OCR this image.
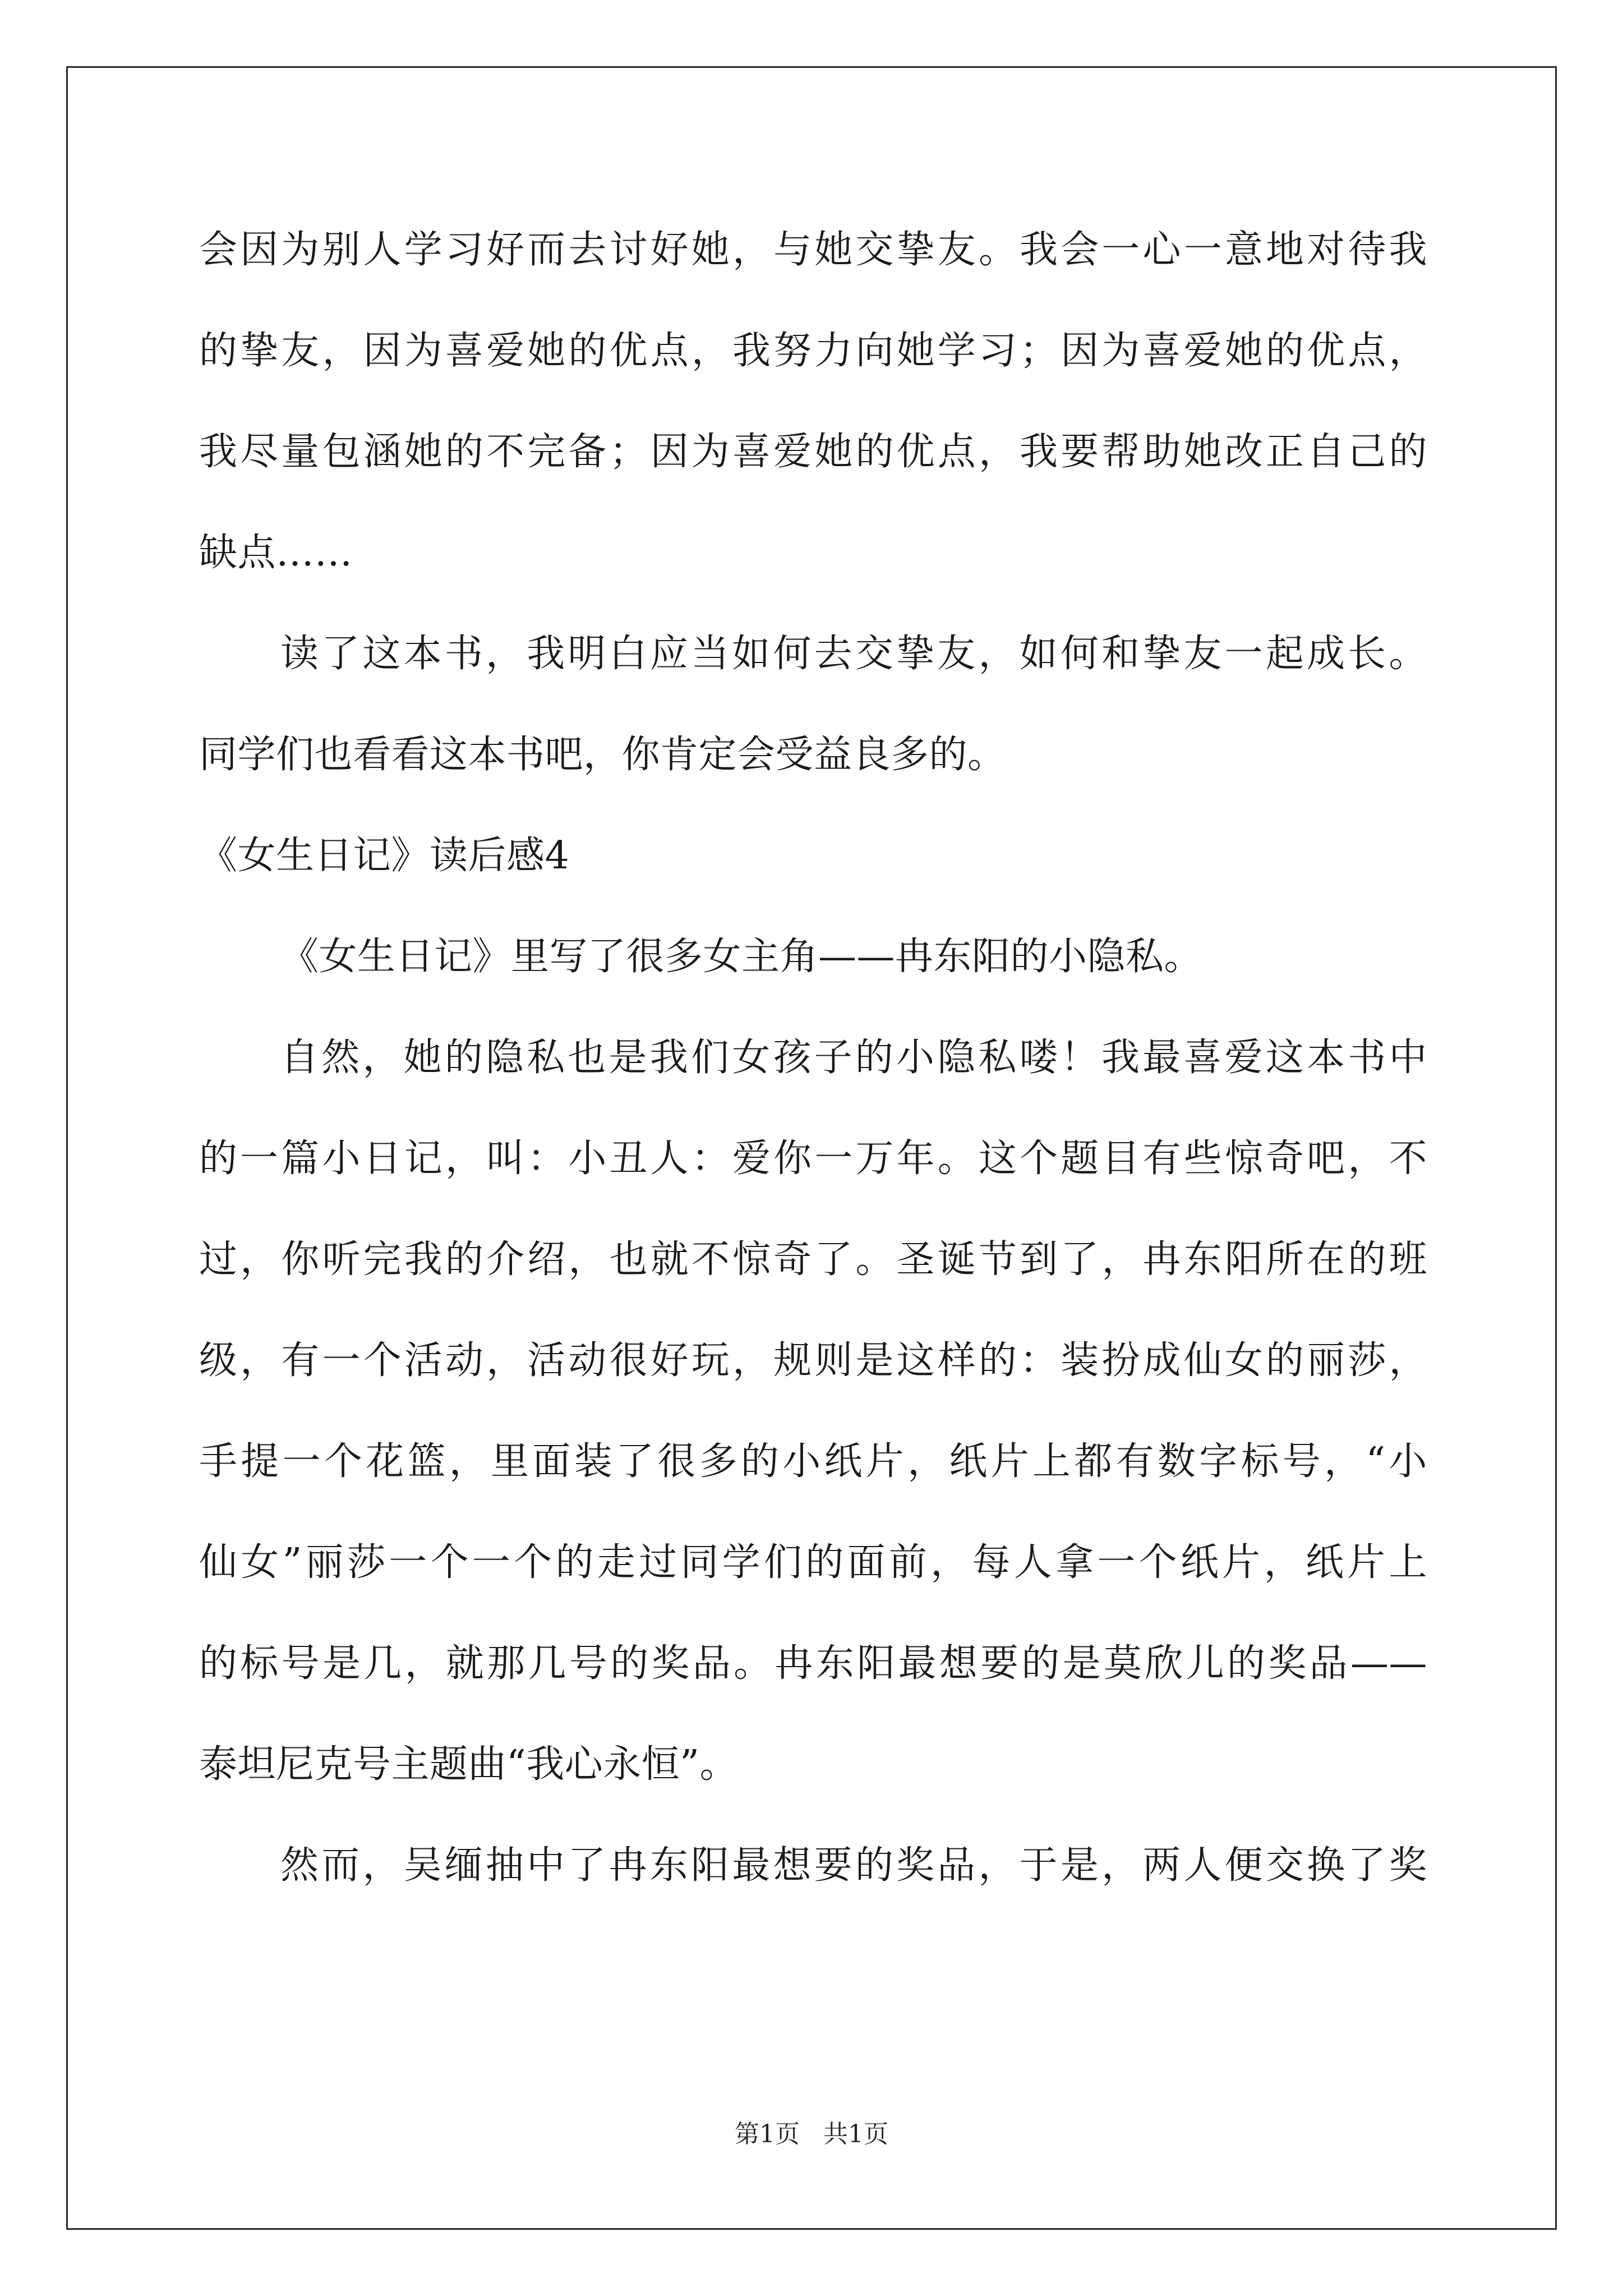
会因为别人学习好而去讨好她，与她交挚友。我会一心一意地对待我
的挚友，因为喜爱她的优点，我努力向她学习；因为喜爱她的优点，
我尽量包涵她的不完备；因为喜爱她的优点，我要帮助她改正自己的
缺点……
读了这本书，我明白应当如何去交挚友，如何和挚友一起成长。
同学们也看看这本书吧，你肯定会受益良多的。
《女生日记》读后感4
《女生日记》里写了很多女主角——冉东阳的小隐私。
自然，她的隐私也是我们女孩子的小隐私喽！我最喜爱这本书中
的一篇小日记，叫：小丑人：爱你一万年。这个题目有些惊奇吧，不
过，你听完我的介绍，也就不惊奇了。圣诞节到了，冉东阳所在的班
级，有一个活动，活动很好玩，规则是这样的：装扮成仙女的丽莎，
手提一个花篮，里面装了很多的小纸片，纸片上都有数字标号，“小
仙女”丽莎一个一个的走过同学们的面前，每人拿一个纸片，纸片上
的标号是几，就那几号的奖品。冉东阳最想要的是莫欣儿的奖品——
泰坦尼克号主题曲“我心永恒”。
然而，吴缅抽中了冉东阳最想要的奖品，于是，两人便交换了奖
第1页 共1页
